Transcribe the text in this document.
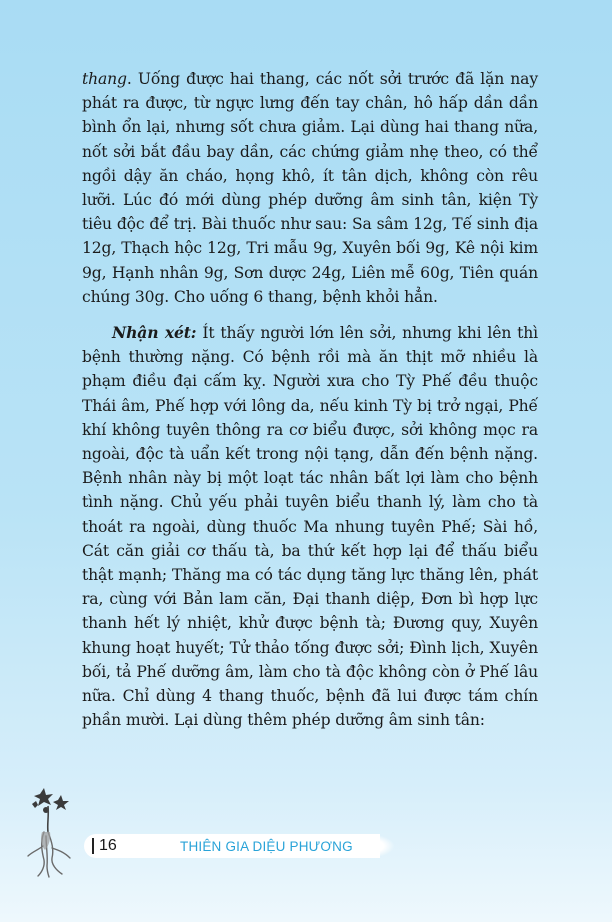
thang. Uống được hai thang, các nốt sởi trước đã lặn nay phát ra được, từ ngực lưng đến tay chân, hô hấp dần dần bình ổn lại, nhưng sốt chưa giảm. Lại dùng hai thang nữa, nốt sởi bắt đầu bay dần, các chứng giảm nhẹ theo, có thể ngồi dậy ăn cháo, họng khô, ít tân dịch, không còn rêu lưỡi. Lúc đó mới dùng phép dưỡng âm sinh tân, kiện Tỳ tiêu độc để trị. Bài thuốc như sau: Sa sâm 12g, Tế sinh địa 12g, Thạch hộc 12g, Tri mẫu 9g, Xuyên bối 9g, Kê nội kim 9g, Hạnh nhân 9g, Sơn dược 24g, Liên mễ 60g, Tiên quán chúng 30g. Cho uống 6 thang, bệnh khỏi hẳn.

Nhận xét: Ít thấy người lớn lên sởi, nhưng khi lên thì bệnh thường nặng. Có bệnh rồi mà ăn thịt mỡ nhiều là phạm điều đại cấm kỵ. Người xưa cho Tỳ Phế đều thuộc Thái âm, Phế hợp với lông da, nếu kinh Tỳ bị trở ngại, Phế khí không tuyên thông ra cơ biểu được, sởi không mọc ra ngoài, độc tà uẩn kết trong nội tạng, dẫn đến bệnh nặng. Bệnh nhân này bị một loạt tác nhân bất lợi làm cho bệnh tình nặng. Chủ yếu phải tuyên biểu thanh lý, làm cho tà thoát ra ngoài, dùng thuốc Ma nhung tuyên Phế; Sài hồ, Cát căn giải cơ thấu tà, ba thứ kết hợp lại để thấu biểu thật mạnh; Thăng ma có tác dụng tăng lực thăng lên, phát ra, cùng với Bản lam căn, Đại thanh diệp, Đơn bì hợp lực thanh hết lý nhiệt, khử được bệnh tà; Đương quy, Xuyên khung hoạt huyết; Tử thảo tống được sởi; Đình lịch, Xuyên bối, tả Phế dưỡng âm, làm cho tà độc không còn ở Phế lâu nữa. Chỉ dùng 4 thang thuốc, bệnh đã lui được tám chín phần mười. Lại dùng thêm phép dưỡng âm sinh tân:

16	THIÊN GIA DIỆU PHƯƠNG
